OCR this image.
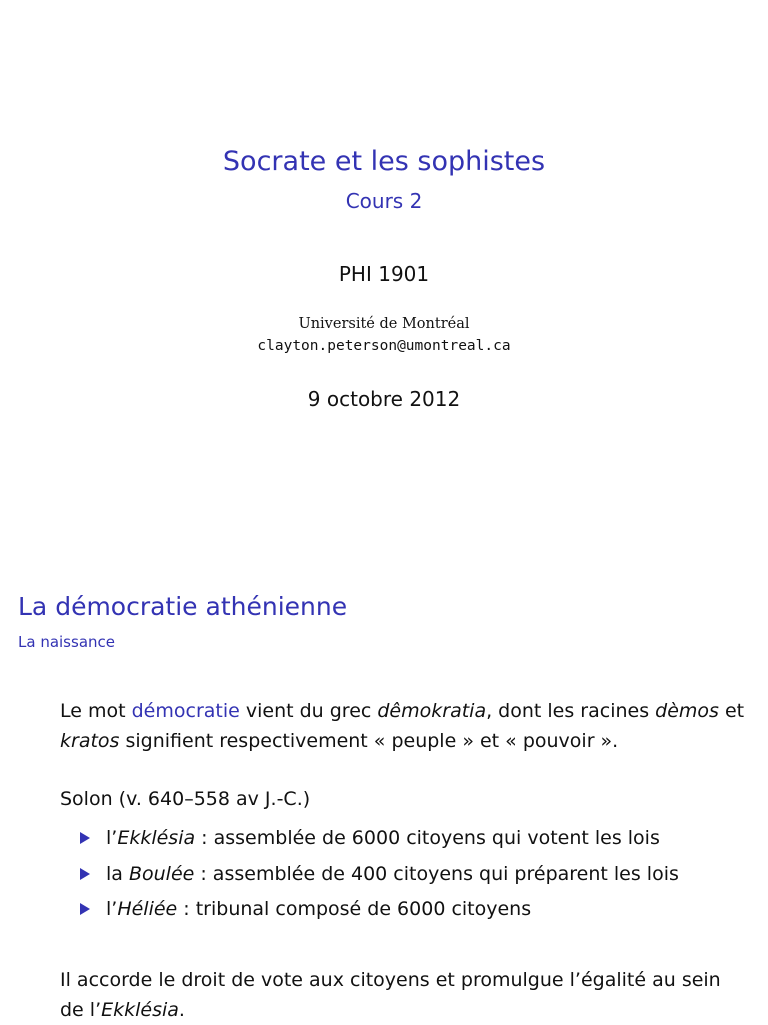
Socrate et les sophistes
Cours 2
PHI 1901
Université de Montréal
clayton.peterson@umontreal.ca
9 octobre 2012
La démocratie athénienne
La naissance
Le mot démocratie vient du grec dêmokratia, dont les racines dèmos et kratos signifient respectivement « peuple » et « pouvoir ».
Solon (v. 640–558 av J.-C.)
l’Ekklésia : assemblée de 6000 citoyens qui votent les lois
la Boulée : assemblée de 400 citoyens qui préparent les lois
l’Héliée : tribunal composé de 6000 citoyens
Il accorde le droit de vote aux citoyens et promulgue l’égalité au sein de l’Ekklésia.
